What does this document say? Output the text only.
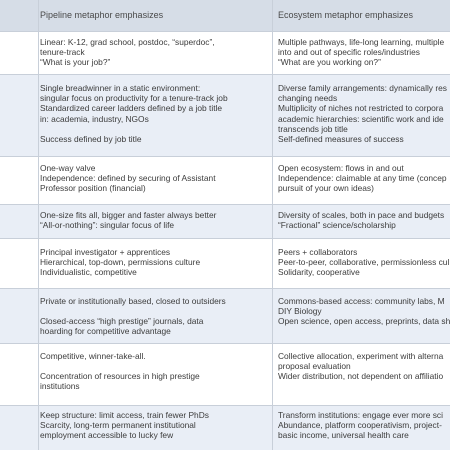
Pipeline metaphor emphasizes	Ecosystem metaphor emphasizes
Linear: K-12, grad school, postdoc, “superdoc”,
tenure-track
“What is your job?”
Multiple pathways, life-long learning, multiple
into and out of specific roles/industries
“What are you working on?”
Single breadwinner in a static environment:
singular focus on productivity for a tenure-track job
Standardized career ladders defined by a job title
in: academia, industry, NGOs
Success defined by job title
Diverse family arrangements: dynamically res
changing needs
Multiplicity of niches not restricted to corpora
academic hierarchies: scientific work and ide
transcends job title
Self-defined measures of success
One-way valve
Independence: defined by securing of Assistant
Professor position (financial)
Open ecosystem: flows in and out
Independence: claimable at any time (concep
pursuit of your own ideas)
One-size fits all, bigger and faster always better
“All-or-nothing”: singular focus of life
Diversity of scales, both in pace and budgets
“Fractional” science/scholarship
Principal investigator + apprentices
Hierarchical, top-down, permissions culture
Individualistic, competitive
Peers + collaborators
Peer-to-peer, collaborative, permissionless cul
Solidarity, cooperative
Private or institutionally based, closed to outsiders
Closed-access “high prestige” journals, data
hoarding for competitive advantage
Commons-based access: community labs, M
DIY Biology
Open science, open access, preprints, data sh
Competitive, winner-take-all.
Concentration of resources in high prestige
institutions
Collective allocation, experiment with alterna
proposal evaluation
Wider distribution, not dependent on affiliatio
Keep structure: limit access, train fewer PhDs
Scarcity, long-term permanent institutional
employment accessible to lucky few
Transform institutions: engage ever more sci
Abundance, platform cooperativism, project-
basic income, universal health care
